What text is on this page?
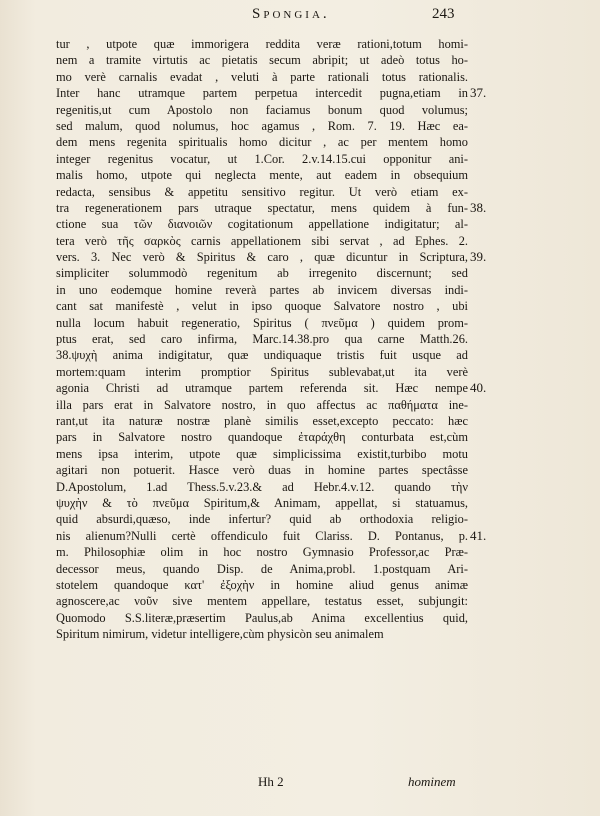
Spongia.	243
tur , utpote quæ immorigera reddita veræ rationi,totum homi-
nem a tramite virtutis ac pietatis secum abripit; ut adeò totus ho-
mo verè carnalis evadat , veluti à parte rationali totus rationalis.
Inter hanc utramque partem perpetua intercedit pugna,etiam in
regenitis,ut cum Apostolo non faciamus bonum quod volumus;
sed malum, quod nolumus, hoc agamus , Rom. 7. 19. Hæc ea-
dem mens regenita spiritualis homo dicitur , ac per mentem homo
integer regenitus vocatur, ut 1.Cor. 2.v.14.15.cui opponitur ani-
malis homo, utpote qui neglecta mente, aut eadem in obsequium
redacta, sensibus & appetitu sensitivo regitur. Ut verò etiam ex-
tra regenerationem pars utraque spectatur, mens quidem à fun-
ctione sua τῶν διανοιῶν cogitationum appellatione indigitatur; al-
tera verò τῆς σαρκὸς carnis appellationem sibi servat , ad Ephes. 2.
vers. 3. Nec verò & Spiritus & caro , quæ dicuntur in Scriptura,
simpliciter solummodò regenitum ab irregenito discernunt; sed
in uno eodemque homine reverà partes ab invicem diversas indi-
cant sat manifestè , velut in ipso quoque Salvatore nostro , ubi
nulla locum habuit regeneratio, Spiritus ( πνεῦμα ) quidem prom-
ptus erat, sed caro infirma, Marc.14.38.pro qua carne Matth.26.
38.ψυχὴ anima indigitatur, quæ undiquaque tristis fuit usque ad
mortem:quam interim promptior Spiritus sublevabat,ut ita verè
agonia Christi ad utramque partem referenda sit. Hæc nempe
illa pars erat in Salvatore nostro, in quo affectus ac παθήματα ine-
rant,ut ita naturæ nostræ planè similis esset,excepto peccato: hæc
pars in Salvatore nostro quandoque ἐταράχθη conturbata est,cùm
mens ipsa interim, utpote quæ simplicissima existit,turbibo motu
agitari non potuerit. Hasce verò duas in homine partes spectâsse
D.Apostolum, 1.ad Thess.5.v.23.& ad Hebr.4.v.12. quando τὴν
ψυχὴν & τὸ πνεῦμα Spiritum,& Animam, appellat, si statuamus,
quid absurdi,quæso, inde infertur? quid ab orthodoxia religio-
nis alienum?Nulli certè offendiculo fuit Clariss. D. Pontanus, p.
m. Philosophiæ olim in hoc nostro Gymnasio Professor,ac Præ-
decessor meus, quando Disp. de Anima,probl. 1.postquam Ari-
stotelem quandoque κατ' ἐξοχὴν in homine aliud genus animæ
agnoscere,ac νοῦν sive mentem appellare, testatus esset, subjungit:
Quomodo S.S.literæ,præsertim Paulus,ab Anima excellentius quid,
Spiritum nimirum, videtur intelligere,cùm physicòn seu animalem
37.
38.
39.
40.
41.
Hh 2	hominem
